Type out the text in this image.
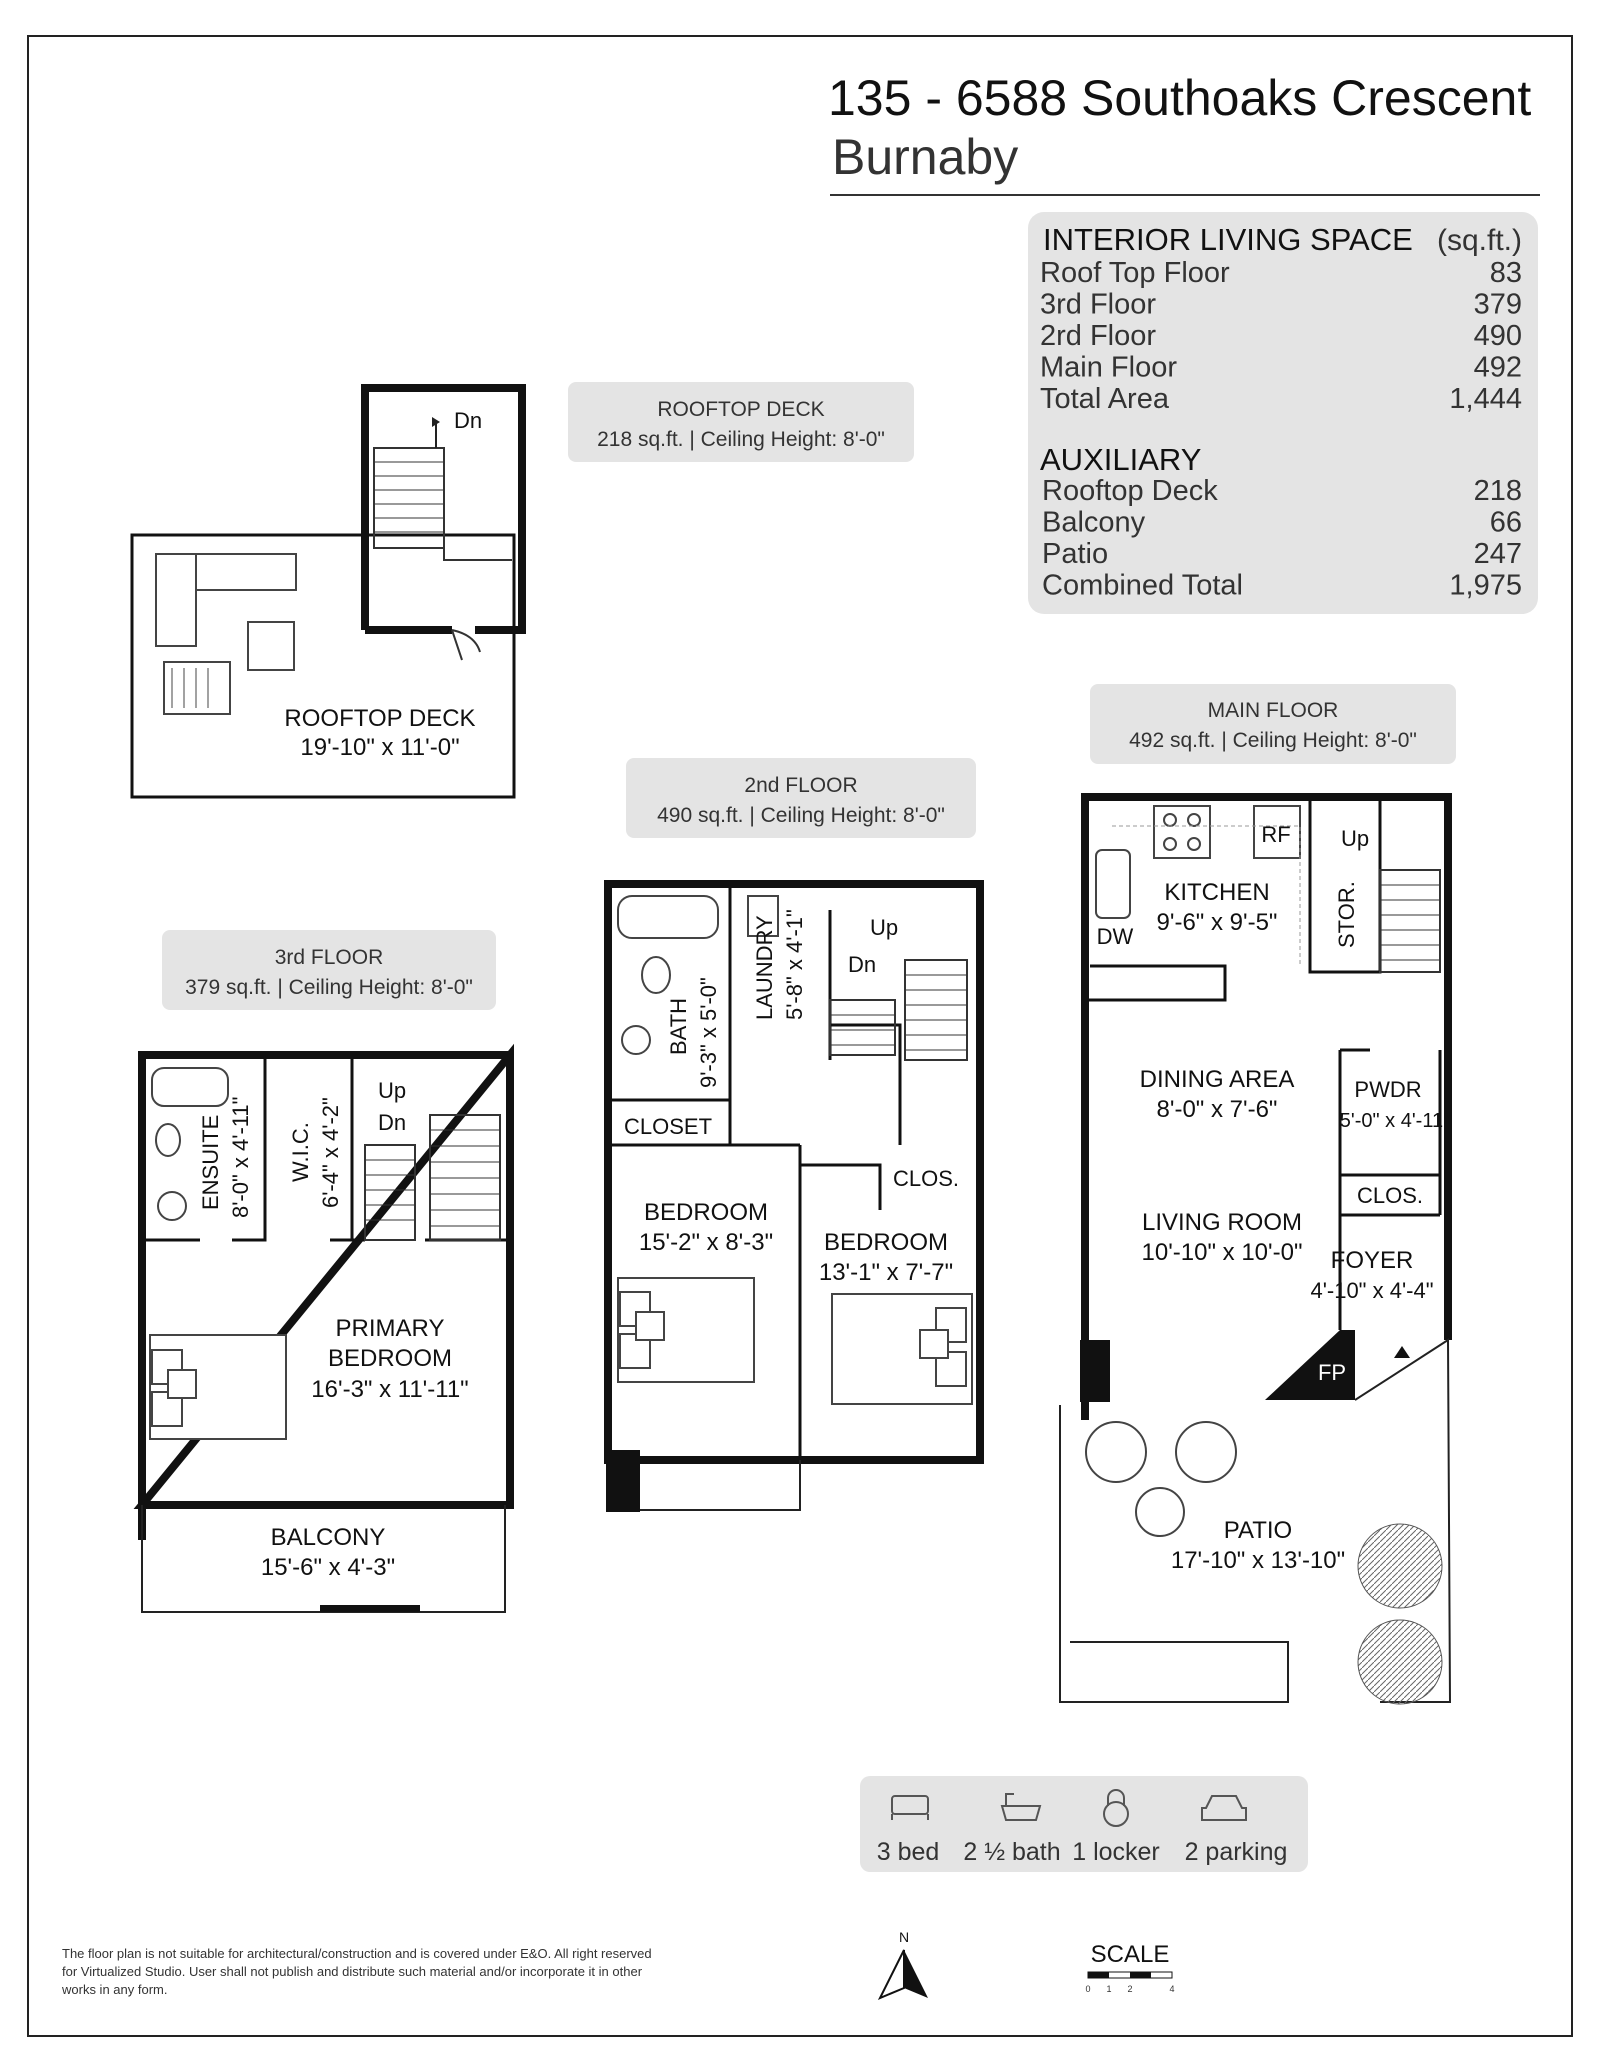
135 - 6588 Southoaks Crescent
Burnaby
INTERIOR LIVING SPACE (sq.ft.)
Roof Top Floor	83
3rd Floor	379
2rd Floor	490
Main Floor	492
Total Area	1,444
AUXILIARY
Rooftop Deck	218
Balcony	66
Patio	247
Combined Total	1,975
ROOFTOP DECK
218 sq.ft. | Ceiling Height: 8'-0"
3rd FLOOR
379 sq.ft. | Ceiling Height: 8'-0"
2nd FLOOR
490 sq.ft. | Ceiling Height: 8'-0"
MAIN FLOOR
492 sq.ft. | Ceiling Height: 8'-0"
Dn
ROOFTOP DECK
19'-10" x 11'-0"
ENSUITE 8'-0" x 4'-11" W.I.C. 6'-4" x 4'-2"
Up
Dn
PRIMARY
BEDROOM
16'-3" x 11'-11"
BALCONY
15'-6" x 4'-3"
BATH 9'-3" x 5'-0"
LAUNDRY 5'-8" x 4'-1"	Up
Dn
CLOSET
CLOS.
BEDROOM
15'-2" x 8'-3" BEDROOM
13'-1" x 7'-7"
FP
RF
DW
KITCHEN
9'-6" x 9'-5"	STOR.
Up
DINING AREA
8'-0" x 7'-6"
PWDR
5'-0" x 4'-11"
CLOS.
LIVING ROOM
10'-10" x 10'-0" FOYER
4'-10" x 4'-4"
PATIO
17'-10" x 13'-10"
3 bed 2 ½ bath 1 locker 2 parking
The floor plan is not suitable for architectural/construction and is covered under E&O. All right reserved
for Virtualized Studio. User shall not publish and distribute such material and/or incorporate it in other
works in any form.
N
SCALE
0 1 2	4
